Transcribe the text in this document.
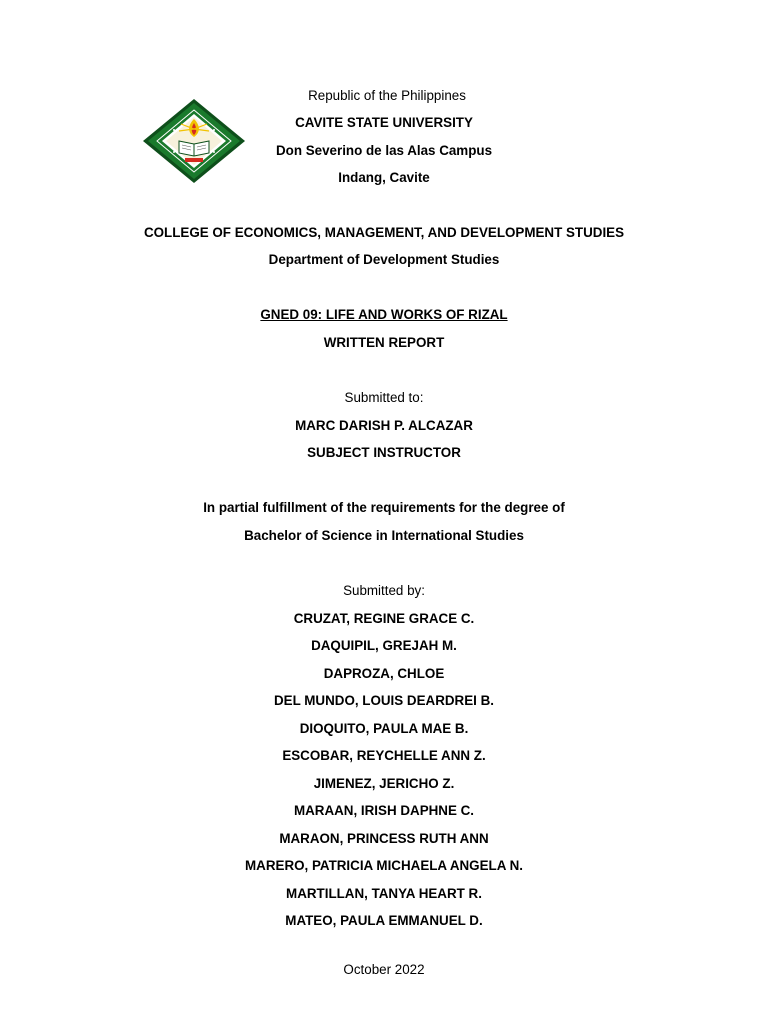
Republic of the Philippines
CAVITE STATE UNIVERSITY
Don Severino de las Alas Campus
Indang, Cavite
COLLEGE OF ECONOMICS, MANAGEMENT, AND DEVELOPMENT STUDIES
Department of Development Studies
GNED 09: LIFE AND WORKS OF RIZAL
WRITTEN REPORT
Submitted to:
MARC DARISH P. ALCAZAR
SUBJECT INSTRUCTOR
In partial fulfillment of the requirements for the degree of
Bachelor of Science in International Studies
Submitted by:
CRUZAT, REGINE GRACE C.
DAQUIPIL, GREJAH M.
DAPROZA, CHLOE
DEL MUNDO, LOUIS DEARDREI B.
DIOQUITO, PAULA MAE B.
ESCOBAR, REYCHELLE ANN Z.
JIMENEZ, JERICHO Z.
MARAAN, IRISH DAPHNE C.
MARAON, PRINCESS RUTH ANN
MARERO, PATRICIA MICHAELA ANGELA N.
MARTILLAN, TANYA HEART R.
MATEO, PAULA EMMANUEL D.
October 2022
